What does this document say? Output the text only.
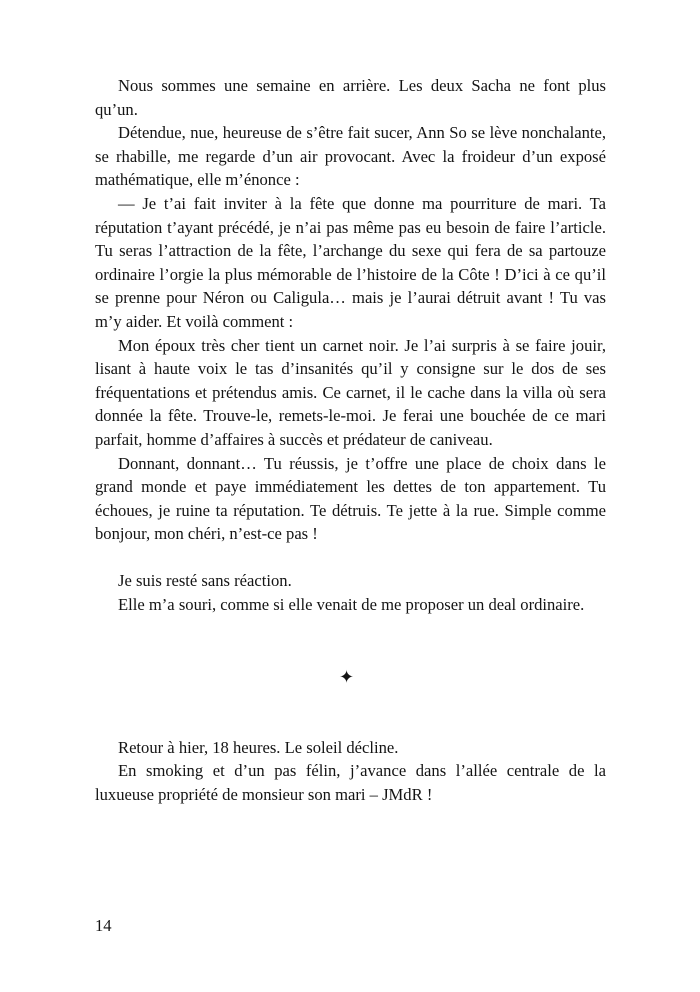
Nous sommes une semaine en arrière. Les deux Sacha ne font plus qu’un.

Détendue, nue, heureuse de s’être fait sucer, Ann So se lève nonchalante, se rhabille, me regarde d’un air provocant. Avec la froideur d’un exposé mathématique, elle m’énonce :

— Je t’ai fait inviter à la fête que donne ma pourriture de mari. Ta réputation t’ayant précédé, je n’ai pas même pas eu besoin de faire l’article. Tu seras l’attraction de la fête, l’archange du sexe qui fera de sa partouze ordinaire l’orgie la plus mémorable de l’histoire de la Côte ! D’ici à ce qu’il se prenne pour Néron ou Caligula… mais je l’aurai détruit avant ! Tu vas m’y aider. Et voilà comment :

Mon époux très cher tient un carnet noir. Je l’ai surpris à se faire jouir, lisant à haute voix le tas d’insanités qu’il y consigne sur le dos de ses fréquentations et prétendus amis. Ce carnet, il le cache dans la villa où sera donnée la fête. Trouve-le, remets-le-moi. Je ferai une bouchée de ce mari parfait, homme d’affaires à succès et prédateur de caniveau.

Donnant, donnant… Tu réussis, je t’offre une place de choix dans le grand monde et paye immédiatement les dettes de ton appartement. Tu échoues, je ruine ta réputation. Te détruis. Te jette à la rue. Simple comme bonjour, mon chéri, n’est-ce pas !

Je suis resté sans réaction.

Elle m’a souri, comme si elle venait de me proposer un deal ordinaire.

✦

Retour à hier, 18 heures. Le soleil décline.

En smoking et d’un pas félin, j’avance dans l’allée centrale de la luxueuse propriété de monsieur son mari – JMdR !

14
